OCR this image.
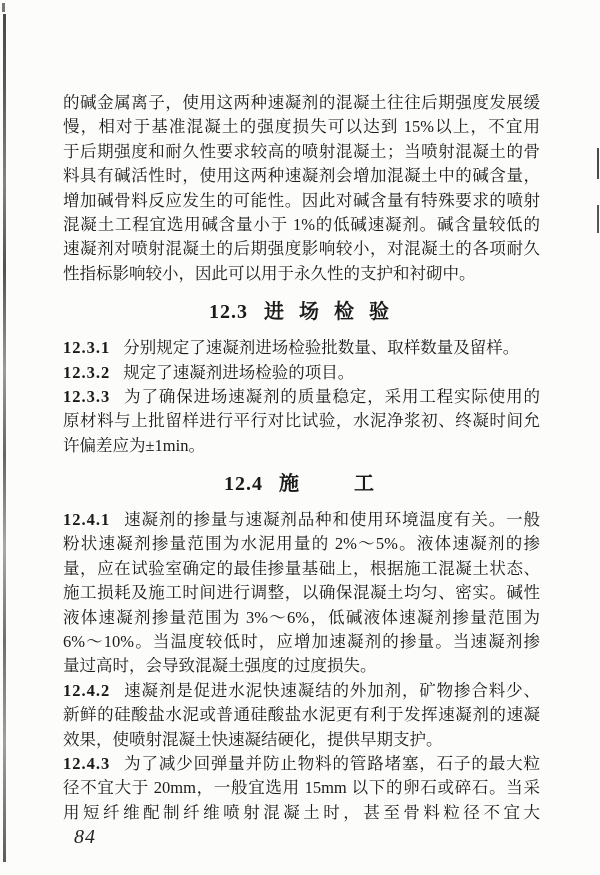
的碱金属离子，使用这两种速凝剂的混凝土往往后期强度发展缓
慢，相对于基准混凝土的强度损失可以达到 15%以上，不宜用
于后期强度和耐久性要求较高的喷射混凝土；当喷射混凝土的骨
料具有碱活性时，使用这两种速凝剂会增加混凝土中的碱含量，
增加碱骨料反应发生的可能性。因此对碱含量有特殊要求的喷射
混凝土工程宜选用碱含量小于 1%的低碱速凝剂。碱含量较低的
速凝剂对喷射混凝土的后期强度影响较小，对混凝土的各项耐久
性指标影响较小，因此可以用于永久性的支护和衬砌中。
12.3 进 场 检 验
12.3.1 分别规定了速凝剂进场检验批数量、取样数量及留样。
12.3.2 规定了速凝剂进场检验的项目。
12.3.3 为了确保进场速凝剂的质量稳定，采用工程实际使用的
原材料与上批留样进行平行对比试验，水泥净浆初、终凝时间允
许偏差应为±1min。
12.4 施　　工
12.4.1 速凝剂的掺量与速凝剂品种和使用环境温度有关。一般
粉状速凝剂掺量范围为水泥用量的 2%～5%。液体速凝剂的掺
量，应在试验室确定的最佳掺量基础上，根据施工混凝土状态、
施工损耗及施工时间进行调整，以确保混凝土均匀、密实。碱性
液体速凝剂掺量范围为 3%～6%，低碱液体速凝剂掺量范围为
6%～10%。当温度较低时，应增加速凝剂的掺量。当速凝剂掺
量过高时，会导致混凝土强度的过度损失。
12.4.2 速凝剂是促进水泥快速凝结的外加剂，矿物掺合料少、
新鲜的硅酸盐水泥或普通硅酸盐水泥更有利于发挥速凝剂的速凝
效果，使喷射混凝土快速凝结硬化，提供早期支护。
12.4.3 为了减少回弹量并防止物料的管路堵塞，石子的最大粒
径不宜大于 20mm，一般宜选用 15mm 以下的卵石或碎石。当采
用短纤维配制纤维喷射混凝土时，甚至骨料粒径不宜大
84
